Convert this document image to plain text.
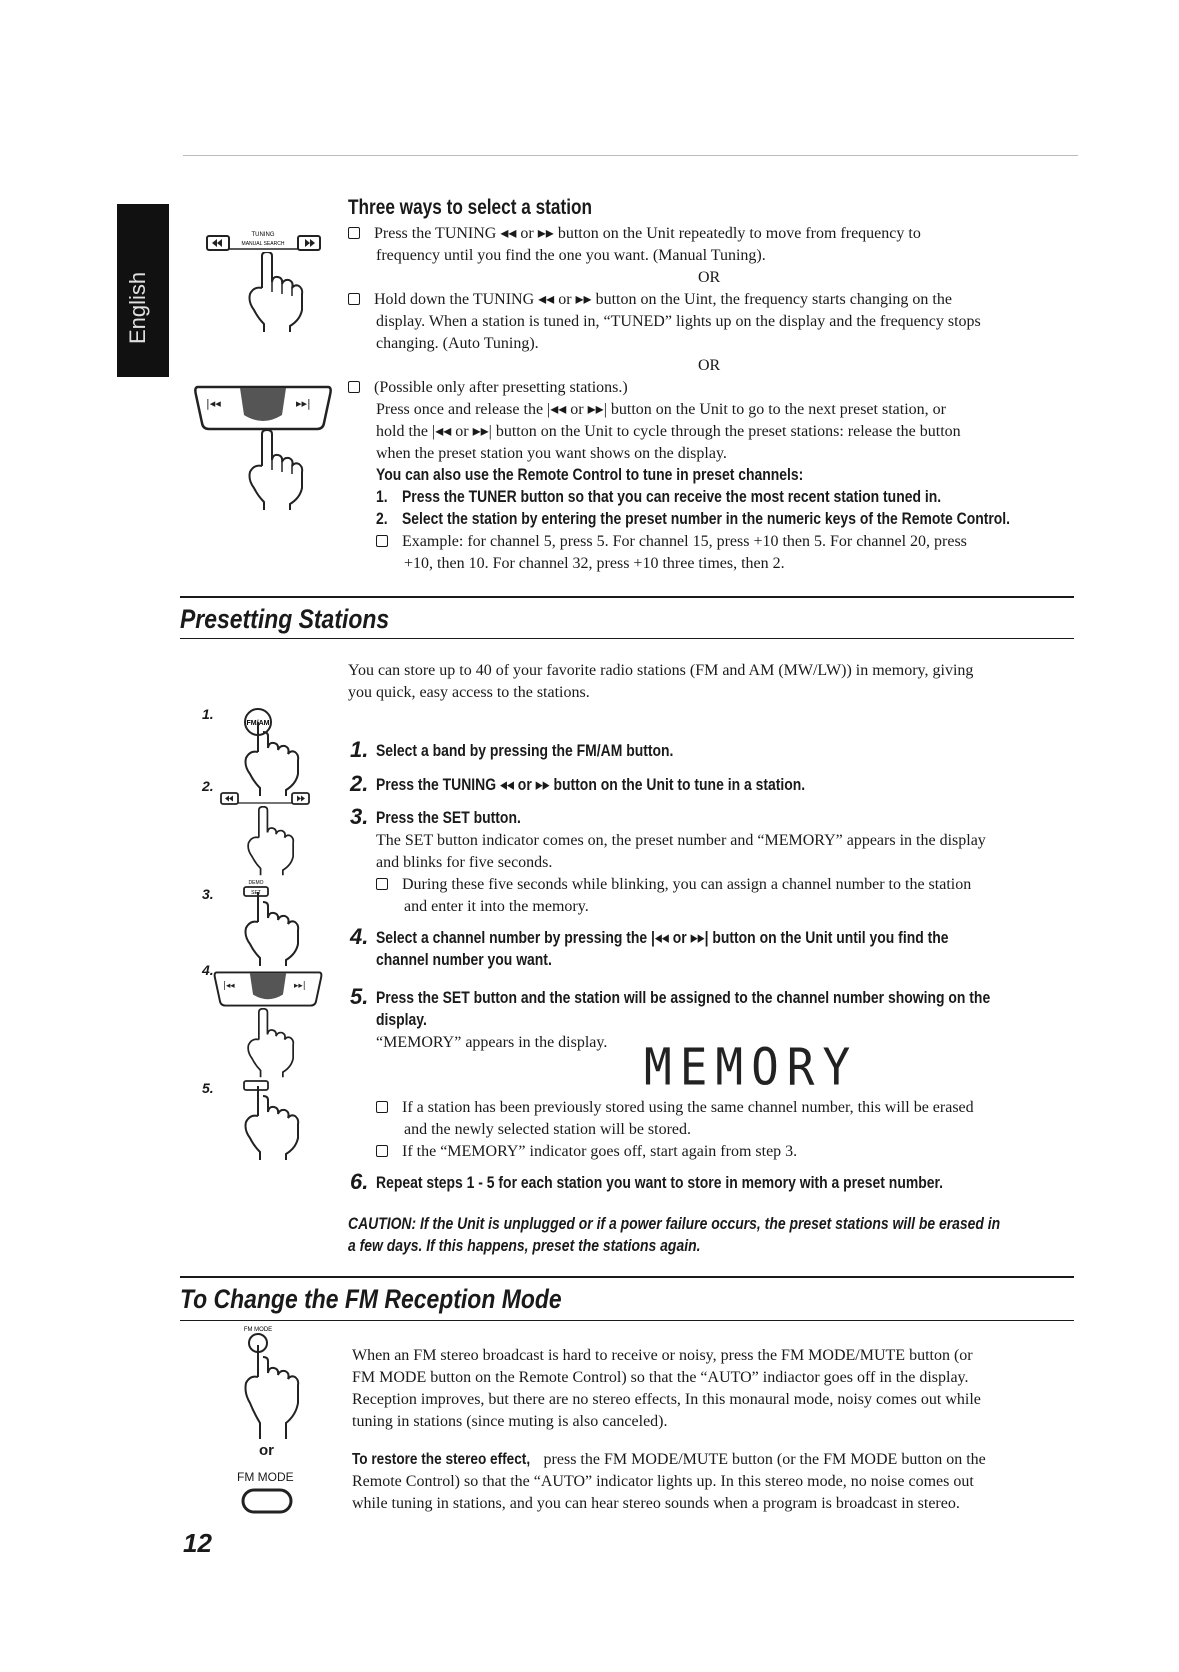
English
Three ways to select a station
TUNING
MANUAL SEARCH
|◂◂	▸▸|
Press the TUNING ◂◂ or ▸▸ button on the Unit repeatedly to move from frequency to
frequency until you find the one you want. (Manual Tuning).
OR
Hold down the TUNING ◂◂ or ▸▸ button on the Uint, the frequency starts changing on the
display. When a station is tuned in, “TUNED” lights up on the display and the frequency stops
changing. (Auto Tuning).
OR
(Possible only after presetting stations.)
Press once and release the |◂◂ or ▸▸| button on the Unit to go to the next preset station, or
hold the |◂◂ or ▸▸| button on the Unit to cycle through the preset stations: release the button
when the preset station you want shows on the display.
You can also use the Remote Control to tune in preset channels:
1. Press the TUNER button so that you can receive the most recent station tuned in.
2. Select the station by entering the preset number in the numeric keys of the Remote Control.
Example: for channel 5, press 5. For channel 15, press +10 then 5. For channel 20, press
+10, then 10. For channel 32, press +10 three times, then 2.
Presetting Stations
You can store up to 40 of your favorite radio stations (FM and AM (MW/LW)) in memory, giving
you quick, easy access to the stations.
1.
FM/AM
2.
3.
DEMO
SET
4.
|◂◂	▸▸|
5.
1. Select a band by pressing the FM/AM button.
2. Press the TUNING ◂◂ or ▸▸ button on the Unit to tune in a station.
3. Press the SET button.
The SET button indicator comes on, the preset number and “MEMORY” appears in the display
and blinks for five seconds.
During these five seconds while blinking, you can assign a channel number to the station
and enter it into the memory.
4. Select a channel number by pressing the |◂◂ or ▸▸| button on the Unit until you find the
channel number you want.
5. Press the SET button and the station will be assigned to the channel number showing on the
display.
“MEMORY” appears in the display. MEMORY
If a station has been previously stored using the same channel number, this will be erased
and the newly selected station will be stored.
If the “MEMORY” indicator goes off, start again from step 3.
6. Repeat steps 1 - 5 for each station you want to store in memory with a preset number.
CAUTION: If the Unit is unplugged or if a power failure occurs, the preset stations will be erased in
a few days. If this happens, preset the stations again.
To Change the FM Reception Mode
FM MODE
or
FM MODE
When an FM stereo broadcast is hard to receive or noisy, press the FM MODE/MUTE button (or
FM MODE button on the Remote Control) so that the “AUTO” indiactor goes off in the display.
Reception improves, but there are no stereo effects, In this monaural mode, noisy comes out while
tuning in stations (since muting is also canceled).
To restore the stereo effect, press the FM MODE/MUTE button (or the FM MODE button on the
Remote Control) so that the “AUTO” indicator lights up. In this stereo mode, no noise comes out
while tuning in stations, and you can hear stereo sounds when a program is broadcast in stereo.
12
